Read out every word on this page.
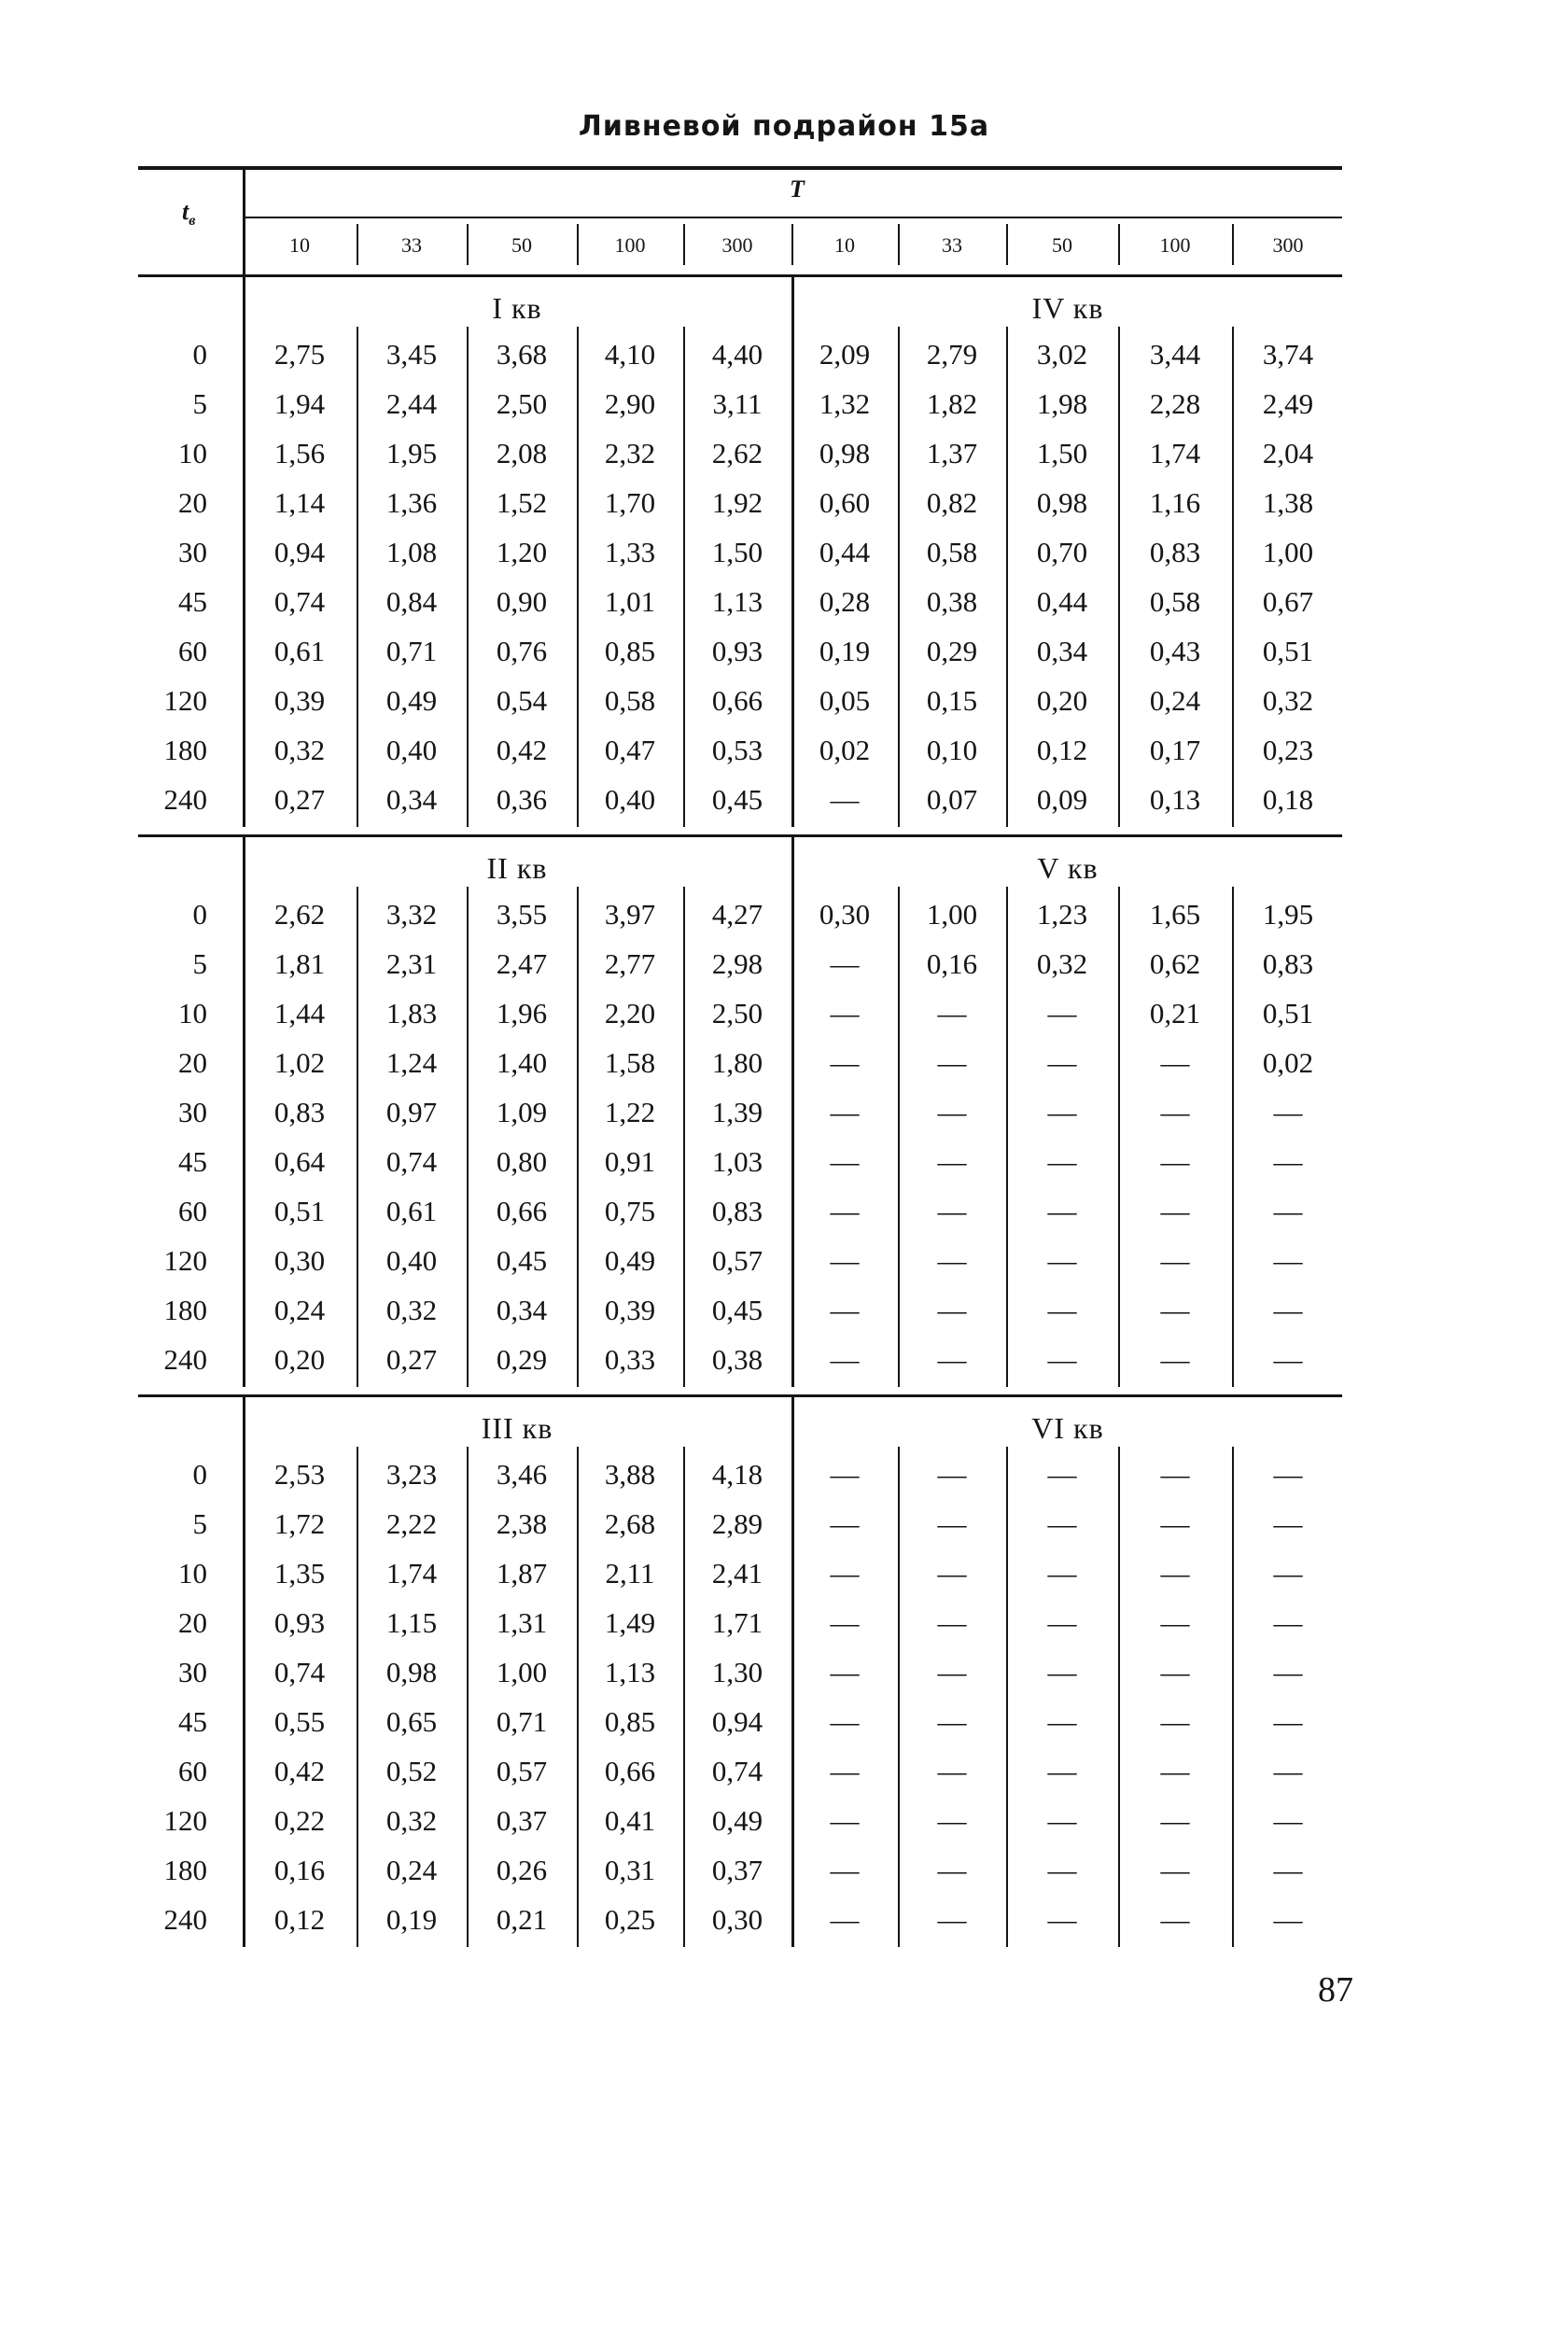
Ливневой подрайон 15а
$t_в$
T
10	33	50	100	300	10	33	50	100	300
I кв	IV кв
0	2,75	3,45	3,68	4,10	4,40	2,09	2,79	3,02	3,44	3,74
5	1,94	2,44	2,50	2,90	3,11	1,32	1,82	1,98	2,28	2,49
10	1,56	1,95	2,08	2,32	2,62	0,98	1,37	1,50	1,74	2,04
20	1,14	1,36	1,52	1,70	1,92	0,60	0,82	0,98	1,16	1,38
30	0,94	1,08	1,20	1,33	1,50	0,44	0,58	0,70	0,83	1,00
45	0,74	0,84	0,90	1,01	1,13	0,28	0,38	0,44	0,58	0,67
60	0,61	0,71	0,76	0,85	0,93	0,19	0,29	0,34	0,43	0,51
120	0,39	0,49	0,54	0,58	0,66	0,05	0,15	0,20	0,24	0,32
180	0,32	0,40	0,42	0,47	0,53	0,02	0,10	0,12	0,17	0,23
240	0,27	0,34	0,36	0,40	0,45	—	0,07	0,09	0,13	0,18
II кв	V кв
0	2,62	3,32	3,55	3,97	4,27	0,30	1,00	1,23	1,65	1,95
5	1,81	2,31	2,47	2,77	2,98	—	0,16	0,32	0,62	0,83
10	1,44	1,83	1,96	2,20	2,50	—	—	—	0,21	0,51
20	1,02	1,24	1,40	1,58	1,80	—	—	—	—	0,02
30	0,83	0,97	1,09	1,22	1,39	—	—	—	—	—
45	0,64	0,74	0,80	0,91	1,03	—	—	—	—	—
60	0,51	0,61	0,66	0,75	0,83	—	—	—	—	—
120	0,30	0,40	0,45	0,49	0,57	—	—	—	—	—
180	0,24	0,32	0,34	0,39	0,45	—	—	—	—	—
240	0,20	0,27	0,29	0,33	0,38	—	—	—	—	—
III кв	VI кв
0	2,53	3,23	3,46	3,88	4,18	—	—	—	—	—
5	1,72	2,22	2,38	2,68	2,89	—	—	—	—	—
10	1,35	1,74	1,87	2,11	2,41	—	—	—	—	—
20	0,93	1,15	1,31	1,49	1,71	—	—	—	—	—
30	0,74	0,98	1,00	1,13	1,30	—	—	—	—	—
45	0,55	0,65	0,71	0,85	0,94	—	—	—	—	—
60	0,42	0,52	0,57	0,66	0,74	—	—	—	—	—
120	0,22	0,32	0,37	0,41	0,49	—	—	—	—	—
180	0,16	0,24	0,26	0,31	0,37	—	—	—	—	—
240	0,12	0,19	0,21	0,25	0,30	—	—	—	—	—
87
